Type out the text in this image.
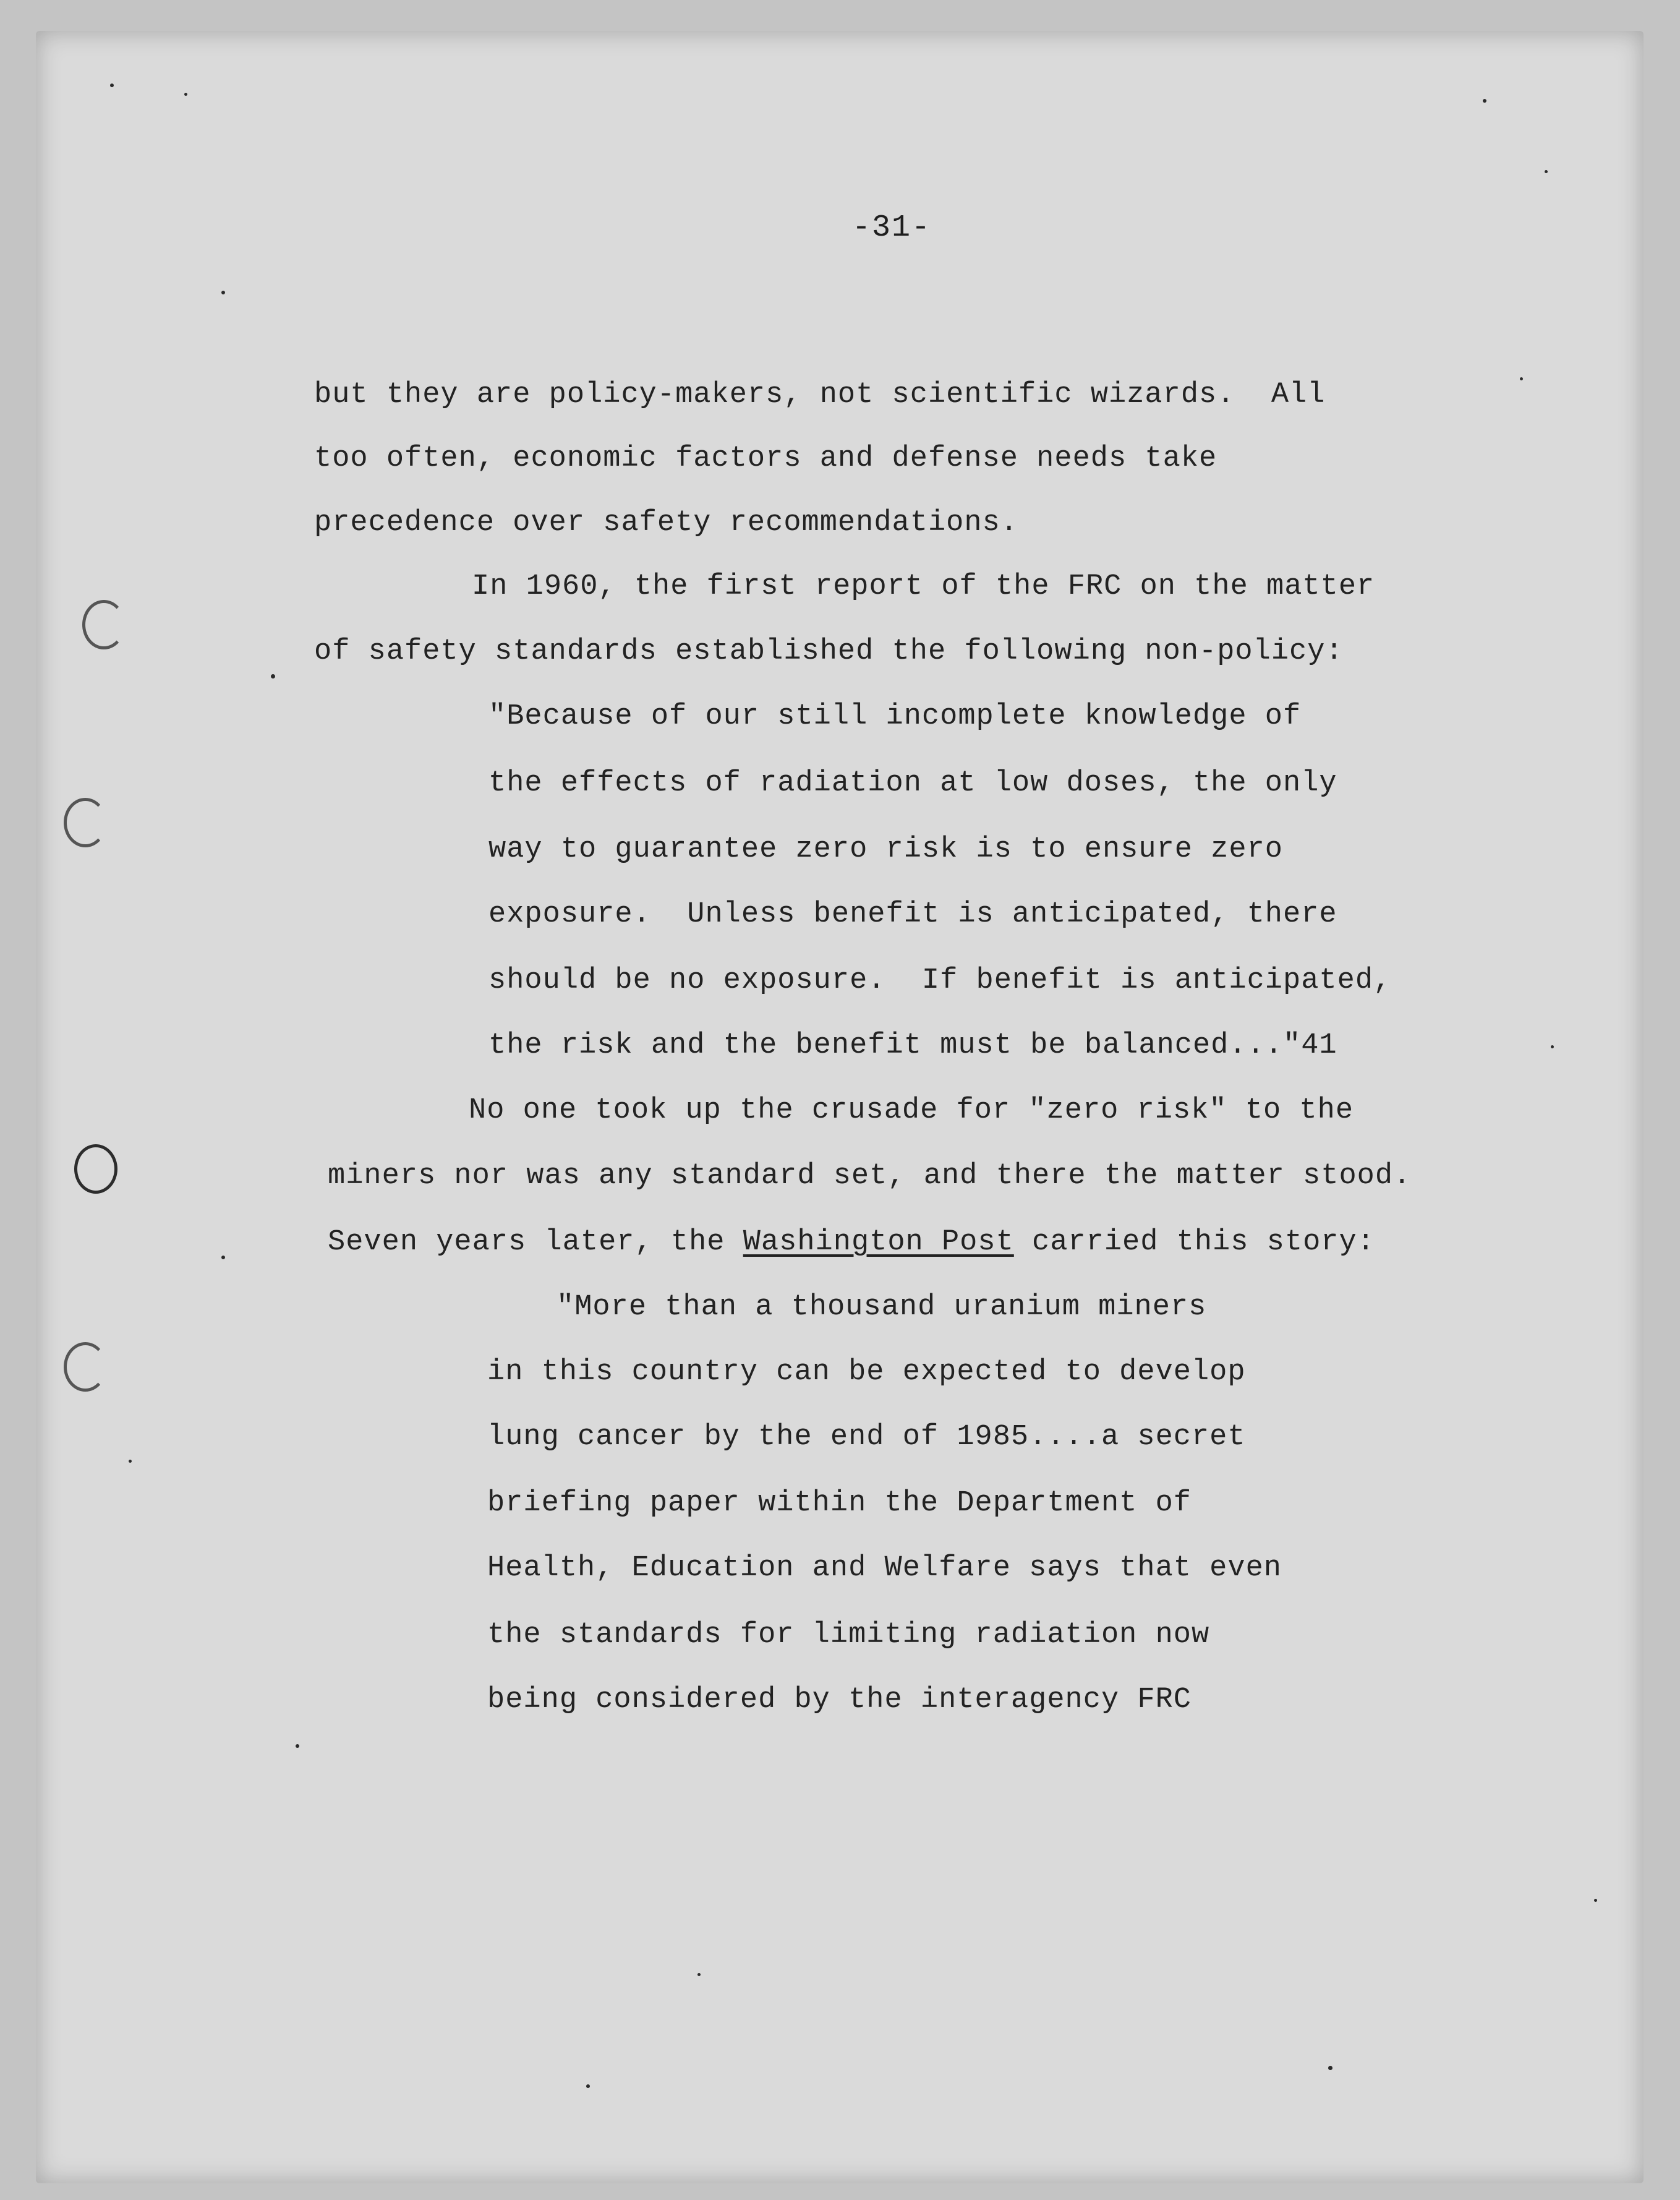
-31-
but they are policy-makers, not scientific wizards.  All
too often, economic factors and defense needs take
precedence over safety recommendations.
In 1960, the first report of the FRC on the matter
of safety standards established the following non-policy:
"Because of our still incomplete knowledge of
the effects of radiation at low doses, the only
way to guarantee zero risk is to ensure zero
exposure.  Unless benefit is anticipated, there
should be no exposure.  If benefit is anticipated,
the risk and the benefit must be balanced..."41
No one took up the crusade for "zero risk" to the
miners nor was any standard set, and there the matter stood.
Seven years later, the Washington Post carried this story:
"More than a thousand uranium miners
in this country can be expected to develop
lung cancer by the end of 1985....a secret
briefing paper within the Department of
Health, Education and Welfare says that even
the standards for limiting radiation now
being considered by the interagency FRC
